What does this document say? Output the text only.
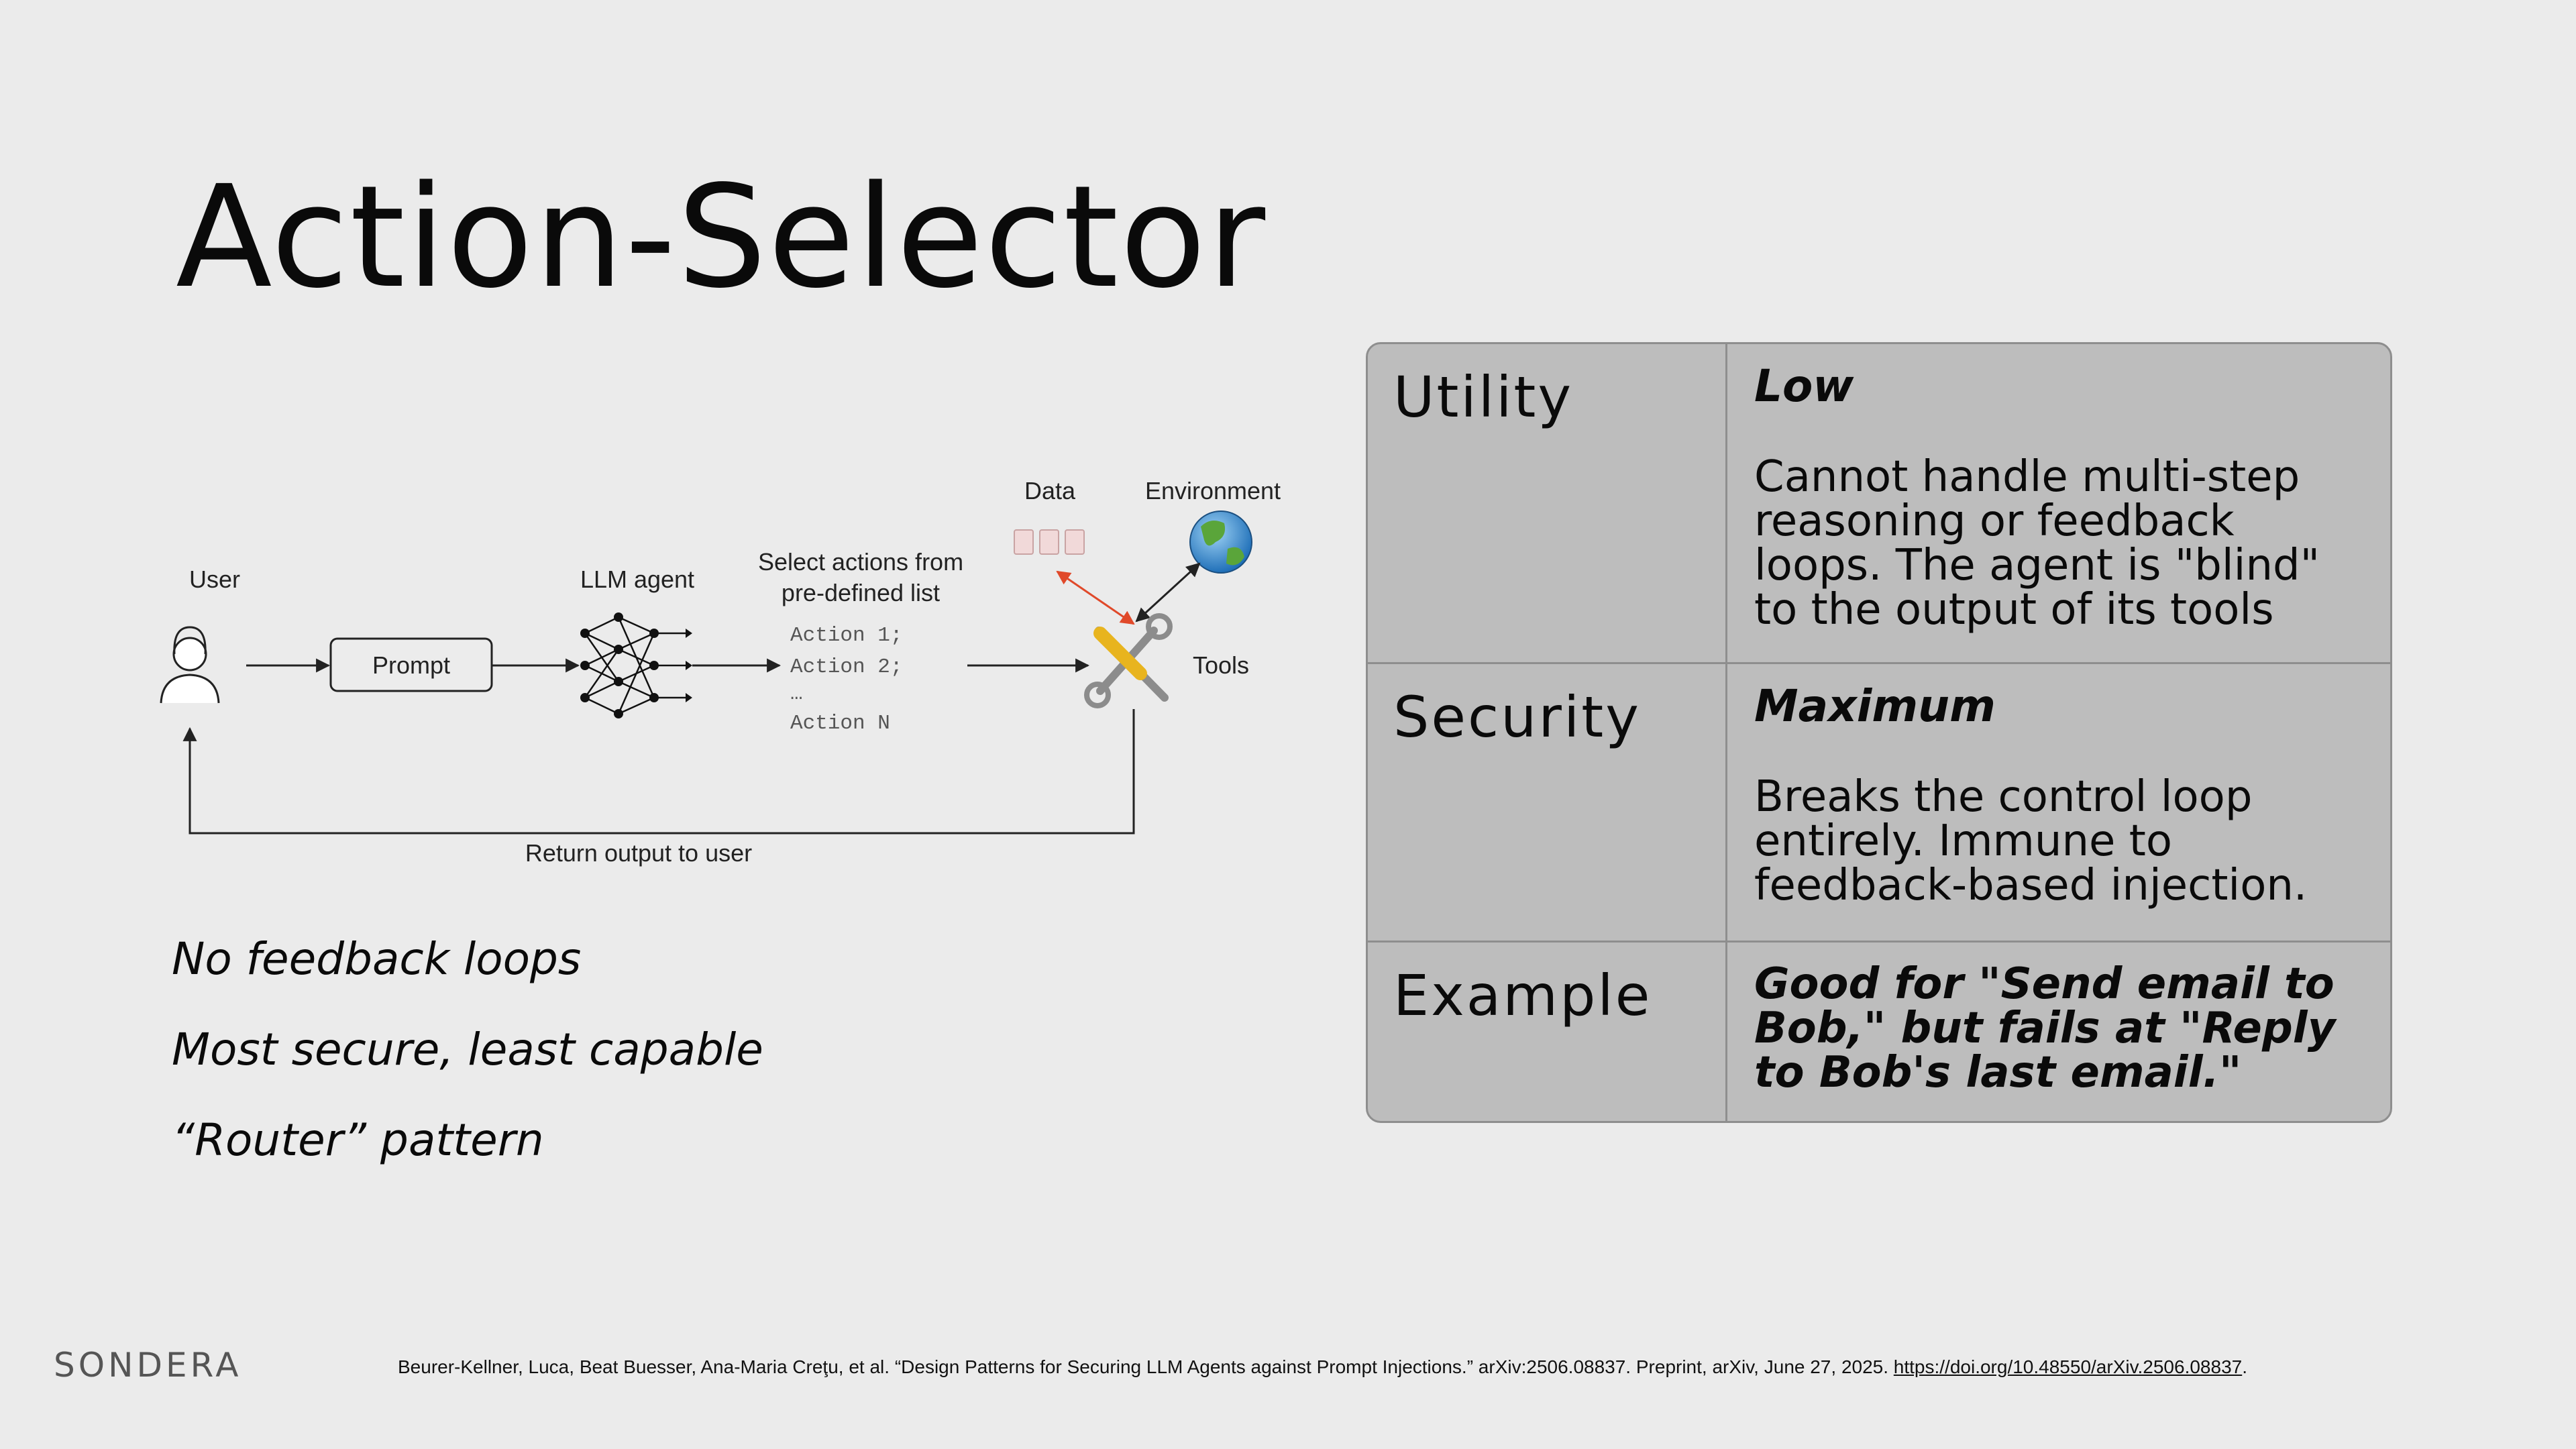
Action-Selector
User
Prompt
LLM agent
Select actions from
pre-defined list
Action 1;
Action 2;
…
Action N
Data	Environment
Tools
Return output to user

No feedback loops

Most secure, least capable

“Router” pattern

Utility	Low

Cannot handle multi-step reasoning or feedback loops. The agent is "blind" to the output of its tools

Security	Maximum

Breaks the control loop entirely. Immune to feedback-based injection.

Example	Good for "Send email to Bob," but fails at "Reply to Bob's last email."

SONDERA	Beurer-Kellner, Luca, Beat Buesser, Ana-Maria Creţu, et al. “Design Patterns for Securing LLM Agents against Prompt Injections.” arXiv:2506.08837. Preprint, arXiv, June 27, 2025. https://doi.org/10.48550/arXiv.2506.08837.
